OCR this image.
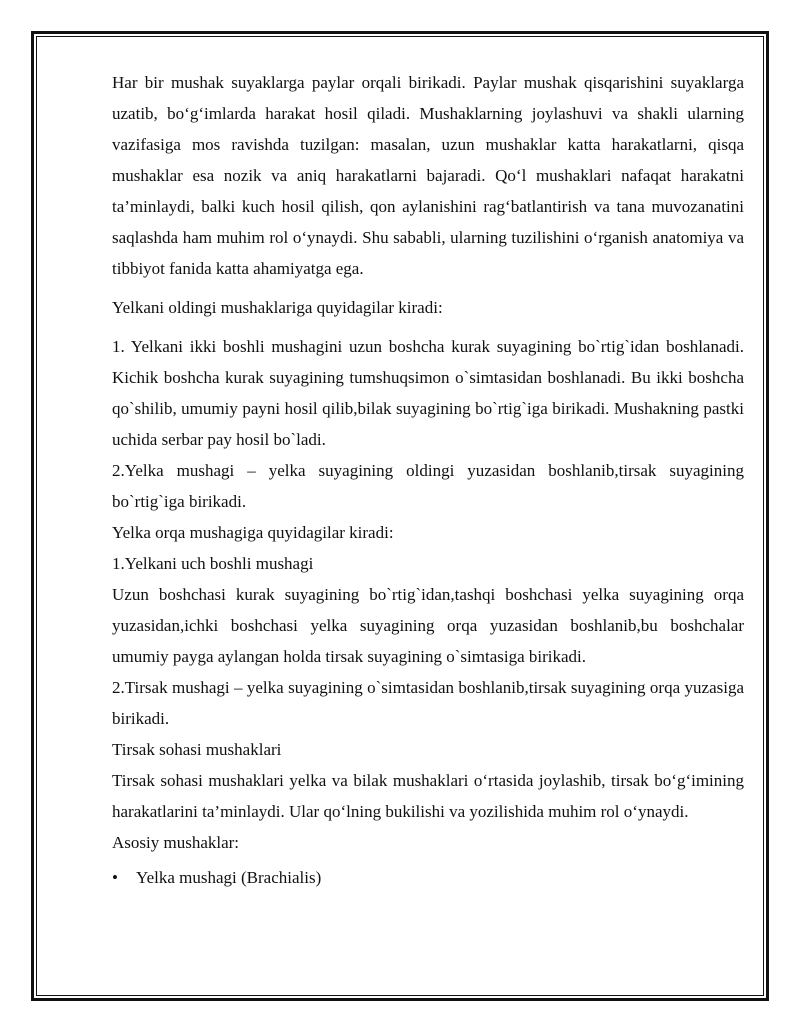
Har bir mushak suyaklarga paylar orqali birikadi. Paylar mushak qisqarishini suyaklarga uzatib, bo‘g‘imlarda harakat hosil qiladi. Mushaklarning joylashuvi va shakli ularning vazifasiga mos ravishda tuzilgan: masalan, uzun mushaklar katta harakatlarni, qisqa mushaklar esa nozik va aniq harakatlarni bajaradi. Qo‘l mushaklari nafaqat harakatni ta’minlaydi, balki kuch hosil qilish, qon aylanishini rag‘batlantirish va tana muvozanatini saqlashda ham muhim rol o‘ynaydi. Shu sababli, ularning tuzilishini o‘rganish anatomiya va tibbiyot fanida katta ahamiyatga ega.

Yelkani oldingi mushaklariga quyidagilar kiradi:

1. Yelkani ikki boshli mushagini uzun boshcha kurak suyagining bo`rtig`idan boshlanadi. Kichik boshcha kurak suyagining tumshuqsimon o`simtasidan boshlanadi. Bu ikki boshcha qo`shilib, umumiy payni hosil qilib,bilak suyagining bo`rtig`iga birikadi. Mushakning pastki uchida serbar pay hosil bo`ladi.

2.Yelka mushagi – yelka suyagining oldingi yuzasidan boshlanib,tirsak suyagining bo`rtig`iga birikadi.

Yelka orqa mushagiga quyidagilar kiradi:

1.Yelkani uch boshli mushagi

Uzun boshchasi kurak suyagining bo`rtig`idan,tashqi boshchasi yelka suyagining orqa yuzasidan,ichki boshchasi yelka suyagining orqa yuzasidan boshlanib,bu boshchalar umumiy payga aylangan holda tirsak suyagining o`simtasiga birikadi.

2.Tirsak mushagi – yelka suyagining o`simtasidan boshlanib,tirsak suyagining orqa yuzasiga birikadi.

Tirsak sohasi mushaklari

Tirsak sohasi mushaklari yelka va bilak mushaklari o‘rtasida joylashib, tirsak bo‘g‘imining harakatlarini ta’minlaydi. Ular qo‘lning bukilishi va yozilishida muhim rol o‘ynaydi.

Asosiy mushaklar:

• Yelka mushagi (Brachialis)
